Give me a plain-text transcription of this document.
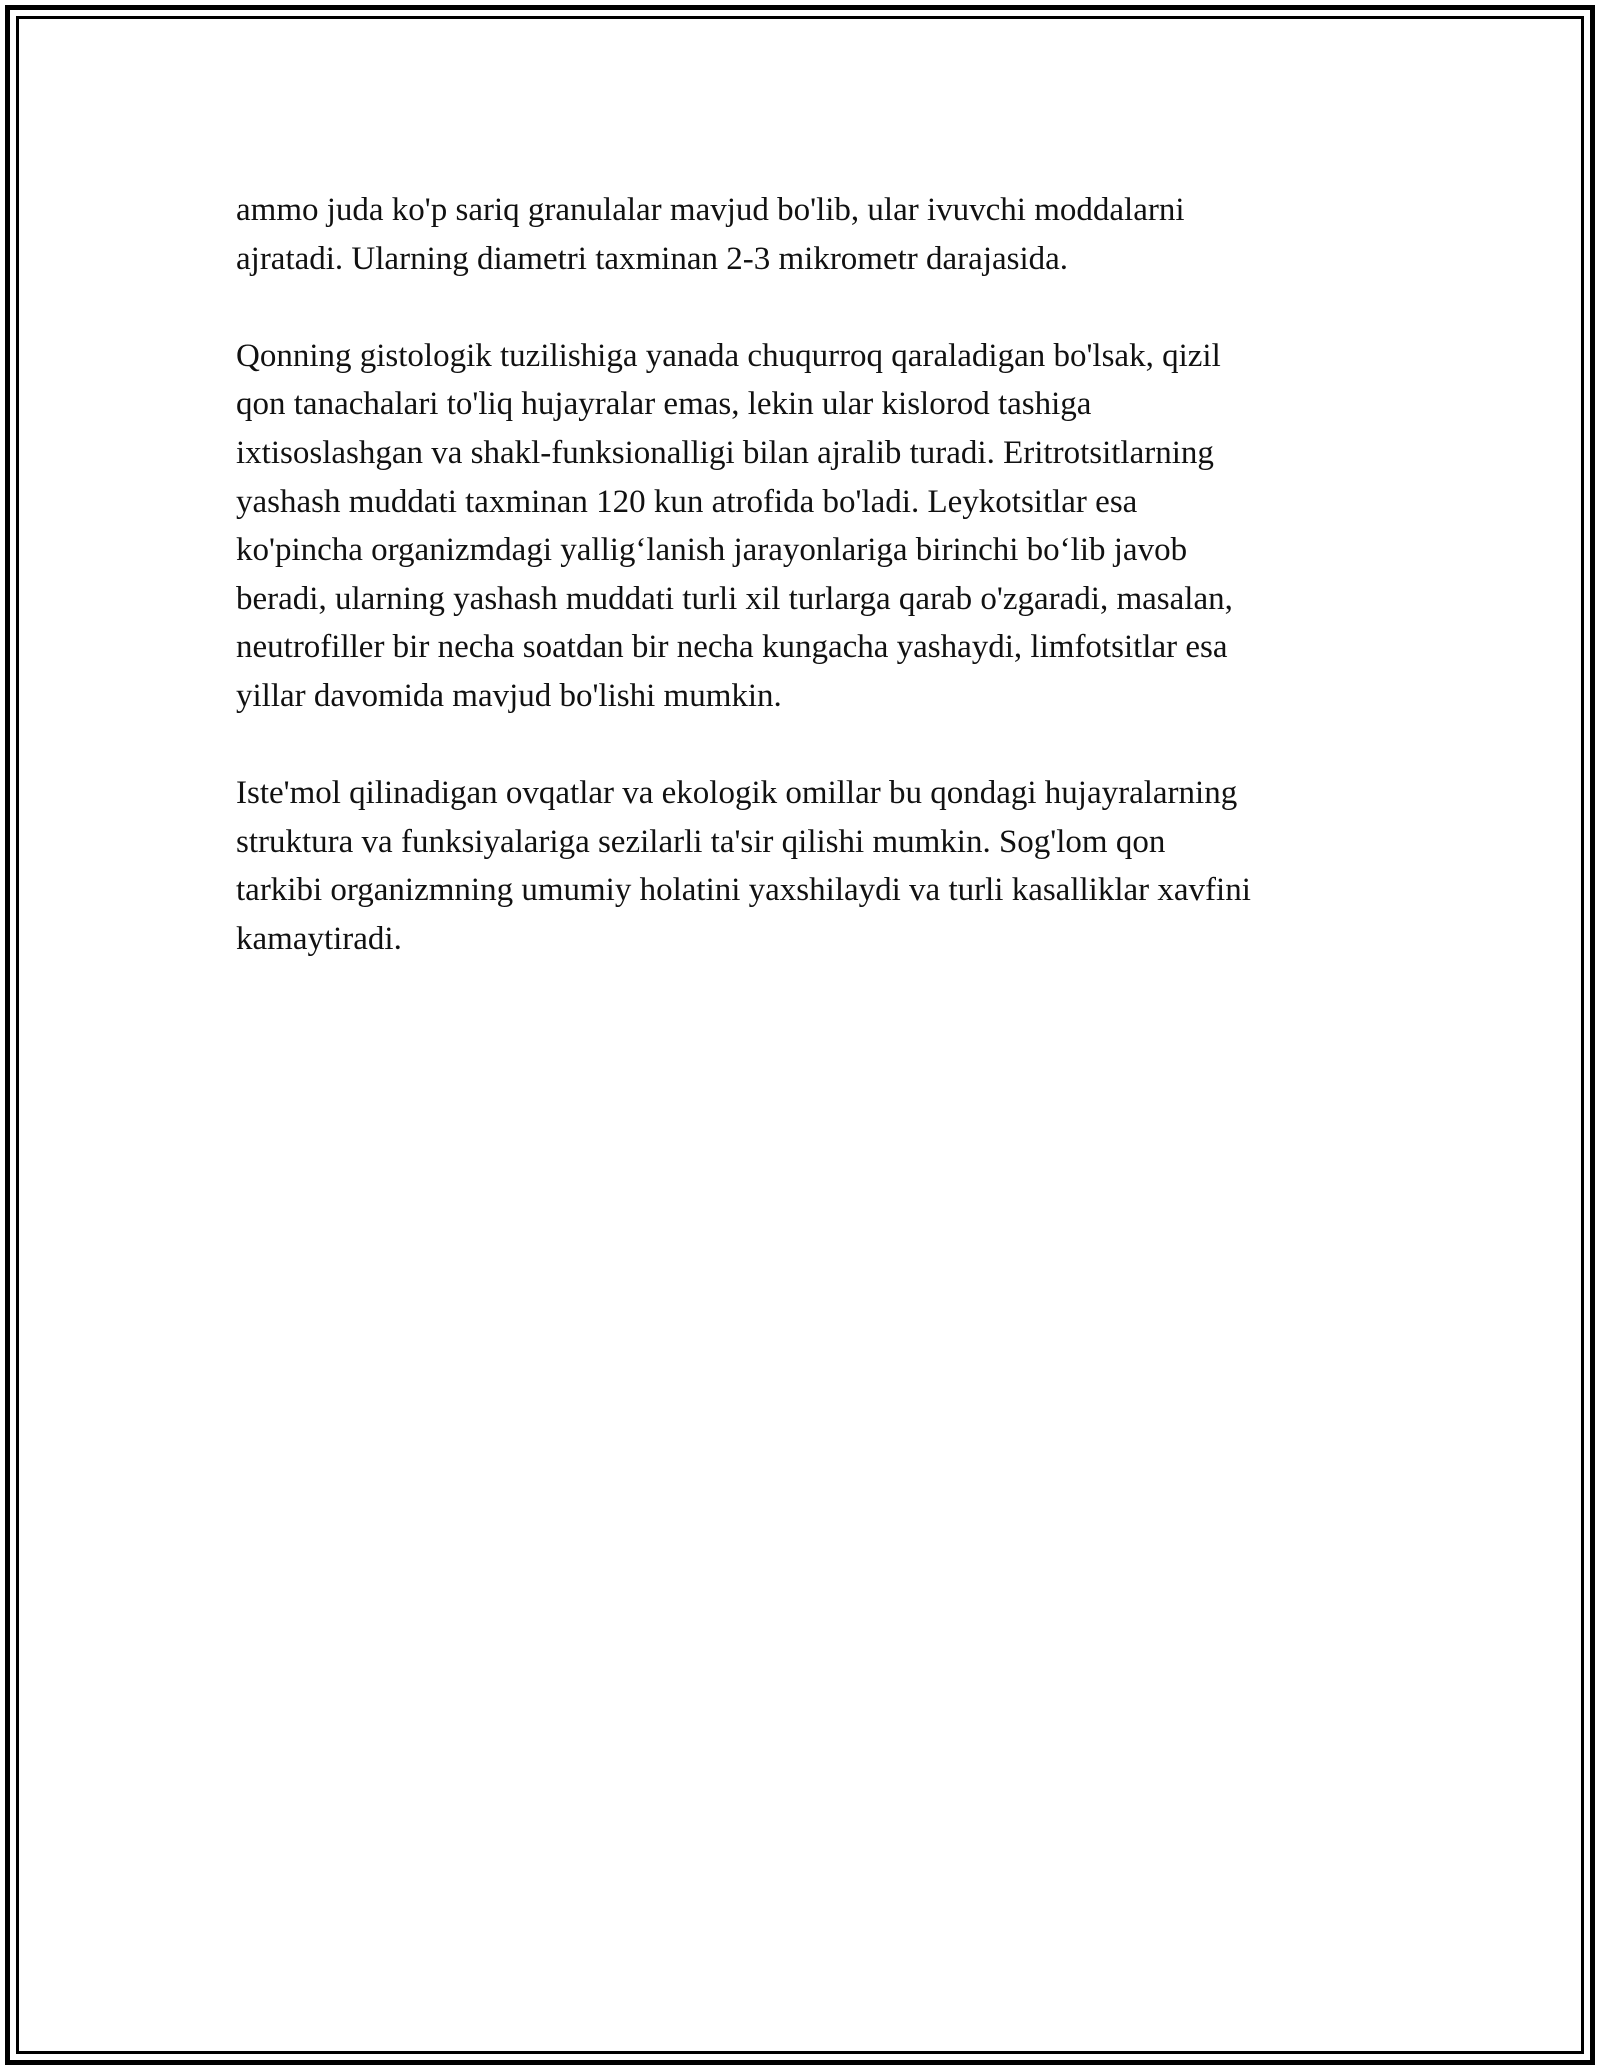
ammo juda ko'p sariq granulalar mavjud bo'lib, ular ivuvchi moddalarni
ajratadi. Ularning diametri taxminan 2-3 mikrometr darajasida.

Qonning gistologik tuzilishiga yanada chuqurroq qaraladigan bo'lsak, qizil
qon tanachalari to'liq hujayralar emas, lekin ular kislorod tashiga
ixtisoslashgan va shakl-funksionalligi bilan ajralib turadi. Eritrotsitlarning
yashash muddati taxminan 120 kun atrofida bo'ladi. Leykotsitlar esa
ko'pincha organizmdagi yallig‘lanish jarayonlariga birinchi bo‘lib javob
beradi, ularning yashash muddati turli xil turlarga qarab o'zgaradi, masalan,
neutrofiller bir necha soatdan bir necha kungacha yashaydi, limfotsitlar esa
yillar davomida mavjud bo'lishi mumkin.

Iste'mol qilinadigan ovqatlar va ekologik omillar bu qondagi hujayralarning
struktura va funksiyalariga sezilarli ta'sir qilishi mumkin. Sog'lom qon
tarkibi organizmning umumiy holatini yaxshilaydi va turli kasalliklar xavfini
kamaytiradi.
